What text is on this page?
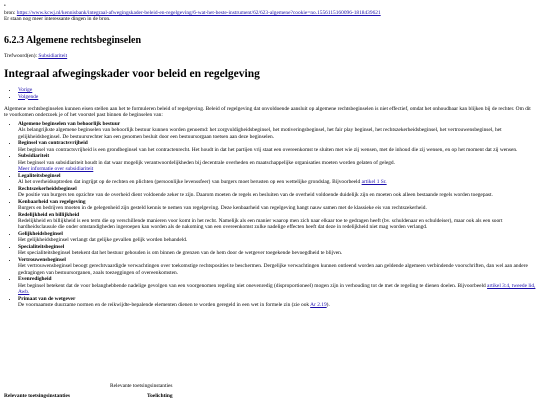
•
bron: https://www.kcwj.nl/kennisbank/integraal-afwegingskader-beleid-en-regelgeving/6-wat-het-beste-instrument/62/623-algemene?cookie=no.1556115160096-1818439621
Er staan nog meer interessante dingen in de bron.
6.2.3 Algemene rechtsbeginselen
Trefwoord(en): Subsidiariteit
Integraal afwegingskader voor beleid en regelgeving
• Vorige
• Volgende

Algemene rechtsbeginselen kunnen eisen stellen aan het te formuleren beleid of regelgeving. Beleid of regelgeving dat onvoldoende aansluit op algemene rechtsbeginselen is niet effectief, omdat het onhoudbaar kan blijken bij de rechter. Om dit te voorkomen onderzoek je of het voorstel past binnen de beginselen van:

• Algemene beginselen van behoorlijk bestuur
Als belangrijkste algemene beginselen van behoorlijk bestuur kunnen worden genoemd: het zorgvuldigheidsbeginsel, het motiveringsbeginsel, het fair play beginsel, het rechtszekerheidsbeginsel, het vertrouwensbeginsel, het gelijkheidsbeginsel. De bestuursrechter kan een genomen besluit door een bestuursorgaan toetsen aan deze beginselen.
• Beginsel van contractsvrijheid
Het beginsel van contractsvrijheid is een grondbeginsel van het contractenrecht. Het houdt in dat het partijen vrij staat een overeenkomst te sluiten met wie zij wensen, met de inhoud die zij wensen, en op het moment dat zij wensen.
• Subsidiariteit
Het beginsel van subsidiariteit houdt in dat waar mogelijk verantwoordelijkheden bij decentrale overheden en maatschappelijke organisaties moeten worden gelaten of gelegd.
Meer informatie over subsidiariteit
• Legaliteitsbeginsel
Al het overheidsoptreden dat ingrijpt op de rechten en plichten (persoonlijke levenssfeer) van burgers moet berusten op een wettelijke grondslag. Bijvoorbeeld artikel 1 Sr.
• Rechtszekerheidsbeginsel
De positie van burgers ten opzichte van de overheid dient voldoende zeker te zijn. Daarom moeten de regels en besluiten van de overheid voldoende duidelijk zijn en moeten ook alleen bestaande regels worden toegepast.
• Kenbaarheid van regelgeving
Burgers en bedrijven moeten in de gelegenheid zijn gesteld kennis te nemen van regelgeving. Deze kenbaarheid van regelgeving hangt nauw samen met de klassieke eis van rechtszekerheid.
• Redelijkheid en billijkheid
Redelijkheid en billijkheid is een term die op verschillende manieren voor komt in het recht. Namelijk als een manier waarop men zich naar elkaar toe te gedragen heeft (bv. schuldenaar en schuldeiser), maar ook als een soort hardheidsclausule die onder omstandigheden ingeroepen kan worden als de nakoming van een overeenkomst zulke nadelige effecten heeft dat deze in redelijkheid niet mag worden verlangd.
• Gelijkheidsbeginsel
Het gelijkheidsbeginsel verlangt dat gelijke gevallen gelijk worden behandeld.
• Specialiteitsbeginsel
Het specialiteitsbeginsel betekent dat het bestuur gehouden is om binnen de grenzen van de hem door de wetgever toegekende bevoegdheid te blijven.
• Vertrouwensbeginsel
Het vertrouwensbeginsel beoogt gerechtvaardigde verwachtingen over toekomstige rechtsposities te beschermen. Dergelijke verwachtingen kunnen ontleend worden aan geldende algemeen verbindende voorschriften, dan wel aan andere gedragingen van bestuursorganen, zoals toezeggingen of overeenkomsten.
• Evenredigheid
Het beginsel betekent dat de voor belanghebbende nadelige gevolgen van een voorgenomen regeling niet onevenredig (disproportioneel) mogen zijn in verhouding tot de met de regeling te dienen doelen. Bijvoorbeeld artikel 3:4, tweede lid, Awb.
• Primaat van de wetgever
De voornaamste duurzame normen en de reikwijdte-bepalende elementen dienen te worden geregeld in een wet in formele zin (zie ook Ar 2.19).
Relevante toetsingsinstanties
Relevante toetsingsinstanties	Toelichting
